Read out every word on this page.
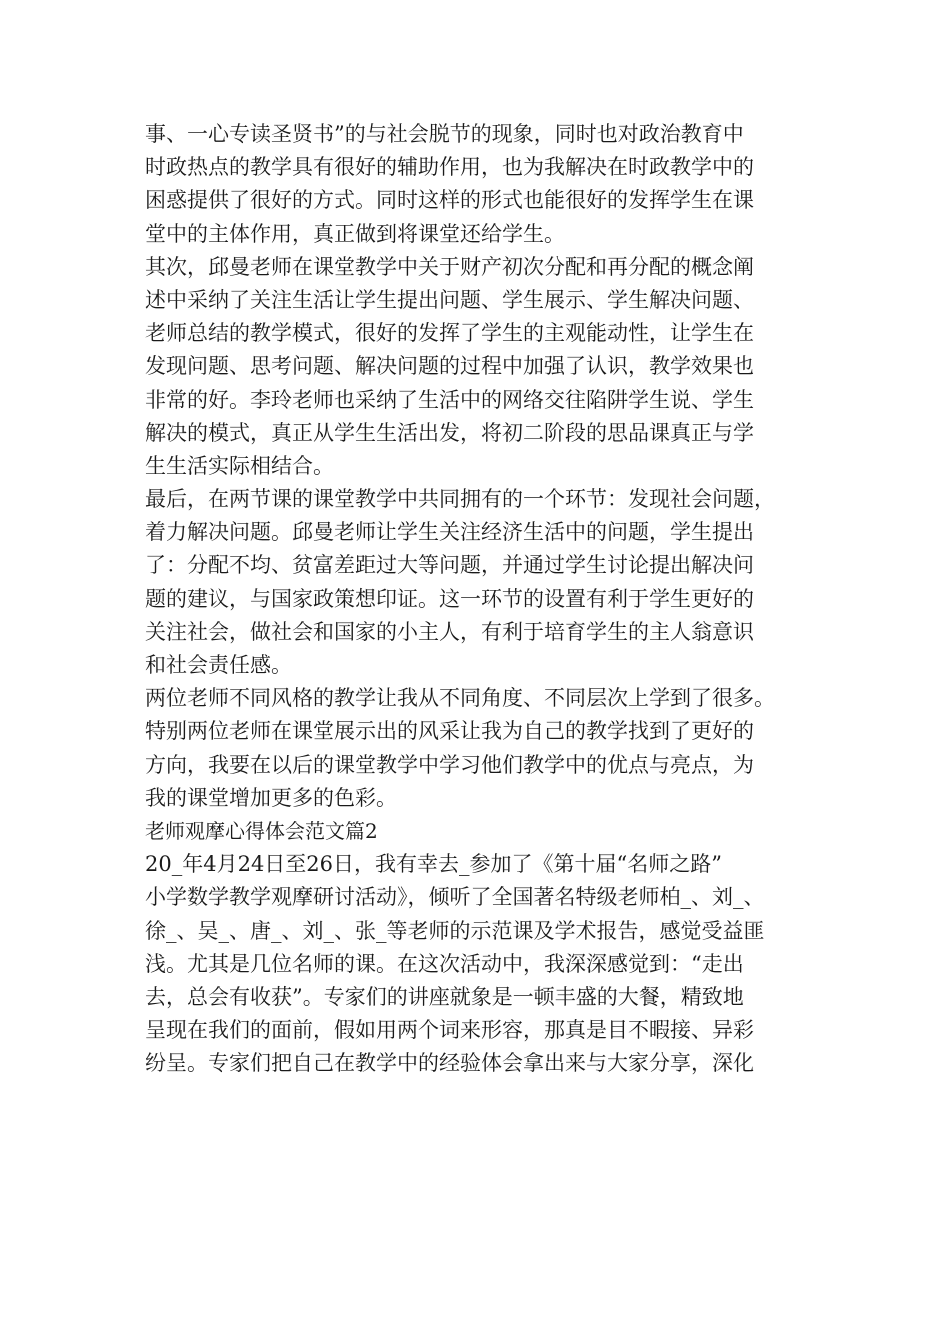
事、一心专读圣贤书”的与社会脱节的现象，同时也对政治教育中
时政热点的教学具有很好的辅助作用，也为我解决在时政教学中的
困惑提供了很好的方式。同时这样的形式也能很好的发挥学生在课
堂中的主体作用，真正做到将课堂还给学生。
其次，邱曼老师在课堂教学中关于财产初次分配和再分配的概念阐
述中采纳了关注生活让学生提出问题、学生展示、学生解决问题、
老师总结的教学模式，很好的发挥了学生的主观能动性，让学生在
发现问题、思考问题、解决问题的过程中加强了认识，教学效果也
非常的好。李玲老师也采纳了生活中的网络交往陷阱学生说、学生
解决的模式，真正从学生生活出发，将初二阶段的思品课真正与学
生生活实际相结合。
最后，在两节课的课堂教学中共同拥有的一个环节：发现社会问题，
着力解决问题。邱曼老师让学生关注经济生活中的问题，学生提出
了：分配不均、贫富差距过大等问题，并通过学生讨论提出解决问
题的建议，与国家政策想印证。这一环节的设置有利于学生更好的
关注社会，做社会和国家的小主人，有利于培育学生的主人翁意识
和社会责任感。
两位老师不同风格的教学让我从不同角度、不同层次上学到了很多。
特别两位老师在课堂展示出的风采让我为自己的教学找到了更好的
方向，我要在以后的课堂教学中学习他们教学中的优点与亮点，为
我的课堂增加更多的色彩。
老师观摩心得体会范文篇2
20_年4月24日至26日，我有幸去_参加了《第十届“名师之路”
小学数学教学观摩研讨活动》，倾听了全国著名特级老师柏_、刘_、
徐_、吴_、唐_、刘_、张_等老师的示范课及学术报告，感觉受益匪
浅。尤其是几位名师的课。在这次活动中，我深深感觉到：“走出
去，总会有收获”。专家们的讲座就象是一顿丰盛的大餐，精致地
呈现在我们的面前，假如用两个词来形容，那真是目不暇接、异彩
纷呈。专家们把自己在教学中的经验体会拿出来与大家分享，深化
